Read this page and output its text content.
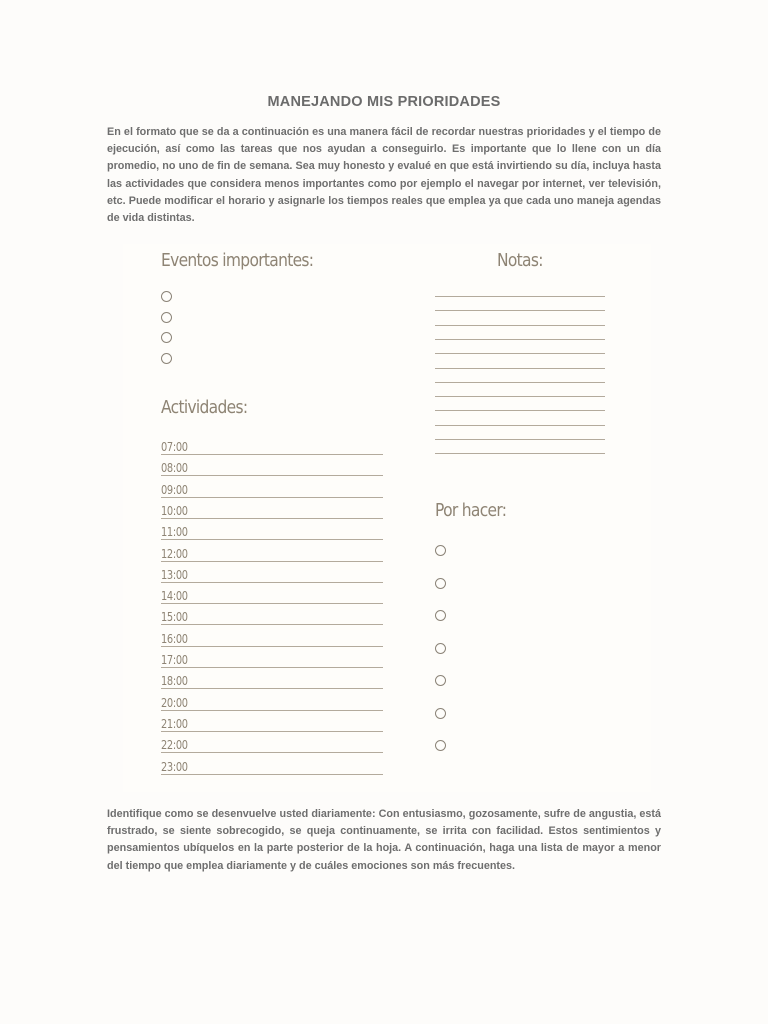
MANEJANDO MIS PRIORIDADES

En el formato que se da a continuación es una manera fácil de recordar nuestras prioridades y el tiempo de ejecución, así como las tareas que nos ayudan a conseguirlo. Es importante que lo llene con un día promedio, no uno de fin de semana. Sea muy honesto y evalué en que está invirtiendo su día, incluya hasta las actividades que considera menos importantes como por ejemplo el navegar por internet, ver televisión, etc. Puede modificar el horario y asignarle los tiempos reales que emplea ya que cada uno maneja agendas de vida distintas.

Eventos importantes:	Notas:
Actividades:
Por hacer:
07:00
08:00
09:00
10:00
11:00
12:00
13:00
14:00
15:00
16:00
17:00
18:00
20:00
21:00
22:00
23:00

Identifique como se desenvuelve usted diariamente: Con entusiasmo, gozosamente, sufre de angustia, está frustrado, se siente sobrecogido, se queja continuamente, se irrita con facilidad. Estos sentimientos y pensamientos ubíquelos en la parte posterior de la hoja. A continuación, haga una lista de mayor a menor del tiempo que emplea diariamente y de cuáles emociones son más frecuentes.
